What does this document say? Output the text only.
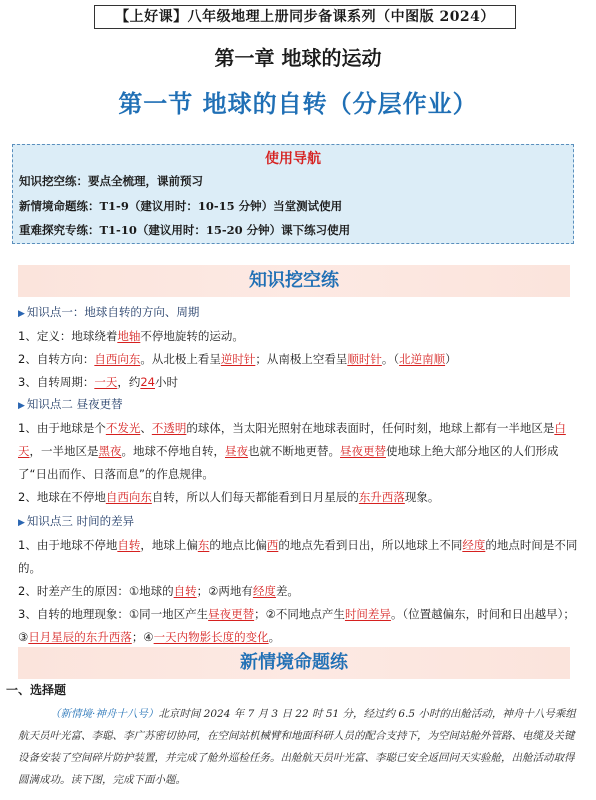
【上好课】八年级地理上册同步备课系列（中图版 2024）
第一章 地球的运动
第一节 地球的自转（分层作业）
使用导航
知识挖空练：要点全梳理，课前预习
新情境命题练：T1-9（建议用时：10-15 分钟）当堂测试使用
重难探究专练：T1-10（建议用时：15-20 分钟）课下练习使用
知识挖空练
▶ 知识点一：地球自转的方向、周期
1、定义：地球绕着地轴不停地旋转的运动。
2、自转方向：自西向东。从北极上看呈逆时针；从南极上空看呈顺时针。（北逆南顺）
3、自转周期：一天，约24小时
▶ 知识点二 昼夜更替
1、由于地球是个不发光、不透明的球体，当太阳光照射在地球表面时，任何时刻，地球上都有一半地区是白天，一半地区是黑夜。地球不停地自转，昼夜也就不断地更替。昼夜更替使地球上绝大部分地区的人们形成了“日出而作、日落而息”的作息规律。
2、地球在不停地自西向东自转，所以人们每天都能看到日月星辰的东升西落现象。
▶ 知识点三 时间的差异
1、由于地球不停地自转，地球上偏东的地点比偏西的地点先看到日出，所以地球上不同经度的地点时间是不同的。
2、时差产生的原因：①地球的自转；②两地有经度差。
3、自转的地理现象：①同一地区产生昼夜更替；②不同地点产生时间差异。（位置越偏东，时间和日出越早）；③日月星辰的东升西落；④一天内物影长度的变化。
新情境命题练
一、选择题
（新情境·神舟十八号）北京时间 2024 年 7 月 3 日 22 时 51 分，经过约 6.5 小时的出舱活动，神舟十八号乘组航天员叶光富、李聪、李广苏密切协同，在空间站机械臂和地面科研人员的配合支持下，为空间站舱外管路、电缆及关键设备安装了空间碎片防护装置，并完成了舱外巡检任务。出舱航天员叶光富、李聪已安全返回问天实验舱，出舱活动取得圆满成功。读下图，完成下面小题。
